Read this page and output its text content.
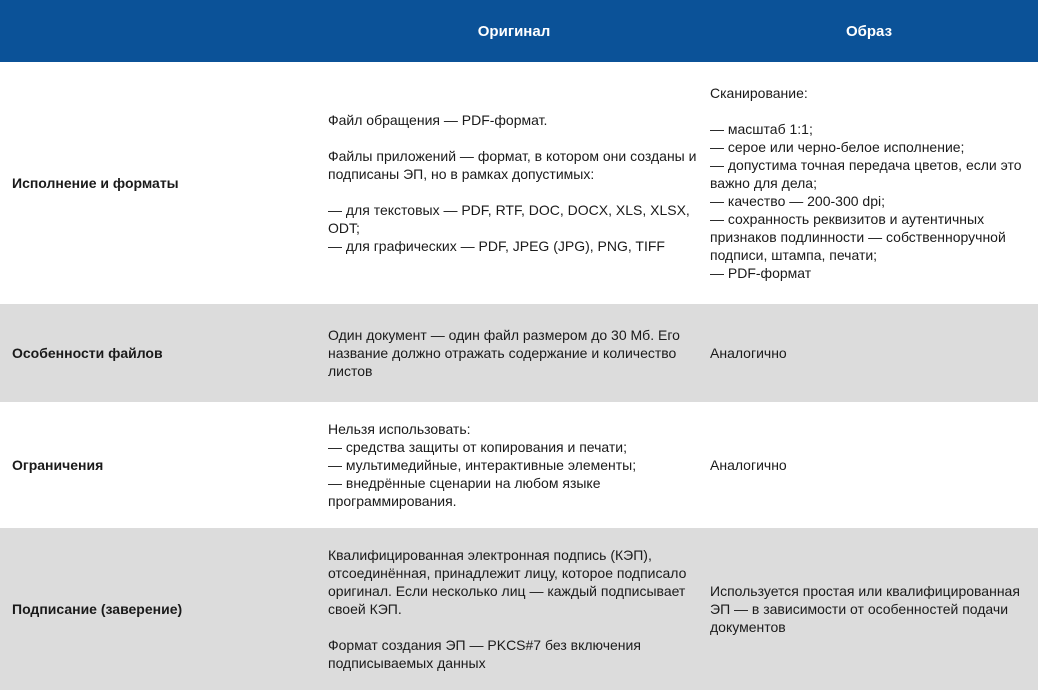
Оригинал	Образ

Исполнение и форматы

Файл обращения — PDF-формат.

Файлы приложений — формат, в котором они созданы и подписаны ЭП, но в рамках допустимых:

— для текстовых — PDF, RTF, DOC, DOCX, XLS, XLSX, ODT;
— для графических — PDF, JPEG (JPG), PNG, TIFF

Сканирование:

— масштаб 1:1;
— серое или черно-белое исполнение;
— допустима точная передача цветов, если это важно для дела;
— качество — 200-300 dpi;
— сохранность реквизитов и аутентичных признаков подлинности — собственноручной подписи, штампа, печати;
— PDF-формат

Особенности файлов

Один документ — один файл размером до 30 Мб. Его название должно отражать содержание и количество листов

Аналогично

Ограничения

Нельзя использовать:
— средства защиты от копирования и печати;
— мультимедийные, интерактивные элементы;
— внедрённые сценарии на любом языке программирования.

Аналогично

Подписание (заверение)

Квалифицированная электронная подпись (КЭП), отсоединённая, принадлежит лицу, которое подписало оригинал. Если несколько лиц — каждый подписывает своей КЭП.

Формат создания ЭП — PKCS#7 без включения подписываемых данных

Используется простая или квалифицированная ЭП — в зависимости от особенностей подачи документов
